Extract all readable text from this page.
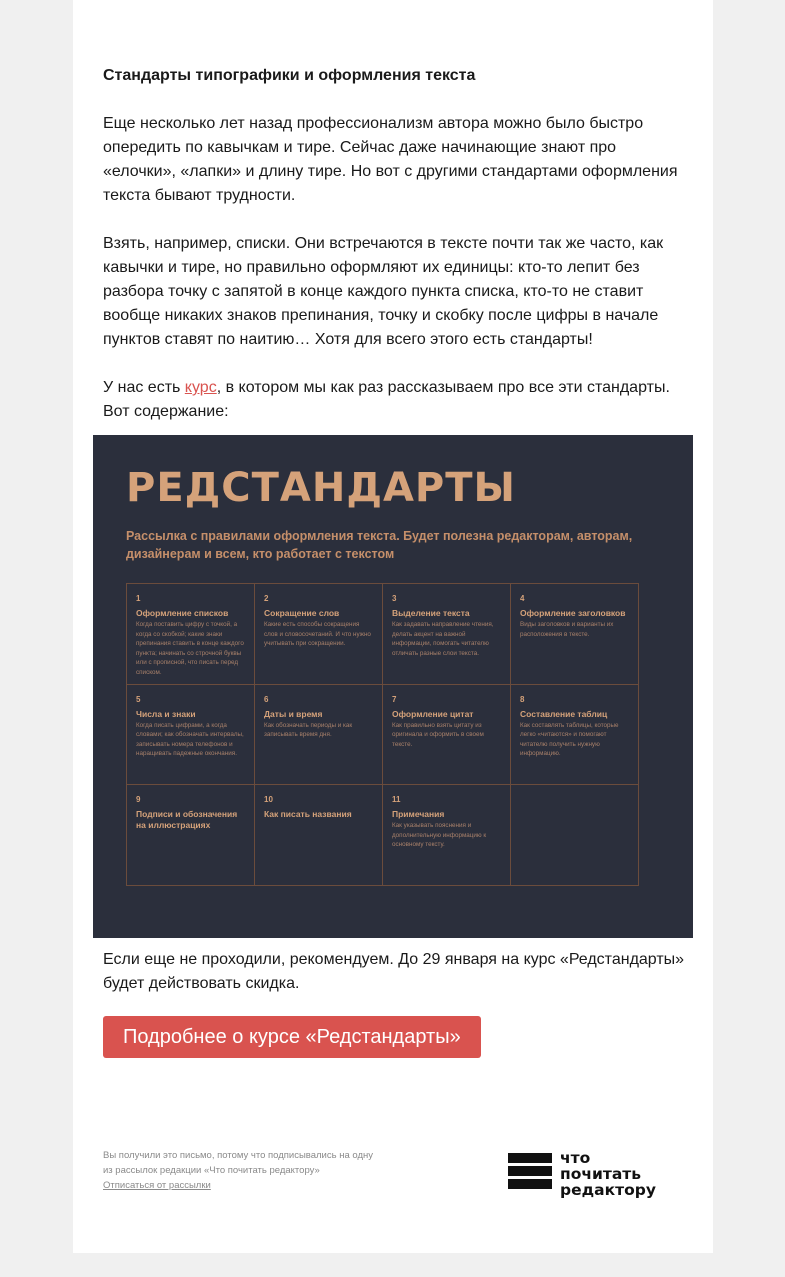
Стандарты типографики и оформления текста

Еще несколько лет назад профессионализм автора можно было быстро опередить по кавычкам и тире. Сейчас даже начинающие знают про «елочки», «лапки» и длину тире. Но вот с другими стандартами оформления текста бывают трудности.

Взять, например, списки. Они встречаются в тексте почти так же часто, как кавычки и тире, но правильно оформляют их единицы: кто-то лепит без разбора точку с запятой в конце каждого пункта списка, кто-то не ставит вообще никаких знаков препинания, точку и скобку после цифры в начале пунктов ставят по наитию… Хотя для всего этого есть стандарты!

У нас есть курс, в котором мы как раз рассказываем про все эти стандарты. Вот содержание:

РЕДСТАНДАРТЫ
Рассылка с правилами оформления текста. Будет полезна редакторам, авторам, дизайнерам и всем, кто работает с текстом
1
Оформление списков
Когда поставить цифру с точкой, а когда со скобкой; какие знаки препинания ставить в конце каждого пункта; начинать со строчной буквы или с прописной, что писать перед списком.
2
Сокращение слов
Какие есть способы сокращения слов и словосочетаний. И что нужно учитывать при сокращении.
3
Выделение текста
Как задавать направление чтения, делать акцент на важной информации, помогать читателю отличать разные слои текста.
4
Оформление заголовков
Виды заголовков и варианты их расположения в тексте.
5
Числа и знаки
Когда писать цифрами, а когда словами; как обозначать интервалы, записывать номера телефонов и наращивать падежные окончания.
6
Даты и время
Как обозначать периоды и как записывать время дня.
7
Оформление цитат
Как правильно взять цитату из оригинала и оформить в своем тексте.
8
Составление таблиц
Как составлять таблицы, которые легко «читаются» и помогают читателю получить нужную информацию.
9
Подписи и обозначения на иллюстрациях
10
Как писать названия
11
Примечания
Как указывать пояснения и дополнительную информацию к основному тексту.
Если еще не проходили, рекомендуем. До 29 января на курс «Редстандарты» будет действовать скидка.
Подробнее о курсе «Редстандарты»
Вы получили это письмо, потому что подписывались на одну из рассылок редакции «Что почитать редактору»
Отписаться от рассылки
что
почитать
редактору
